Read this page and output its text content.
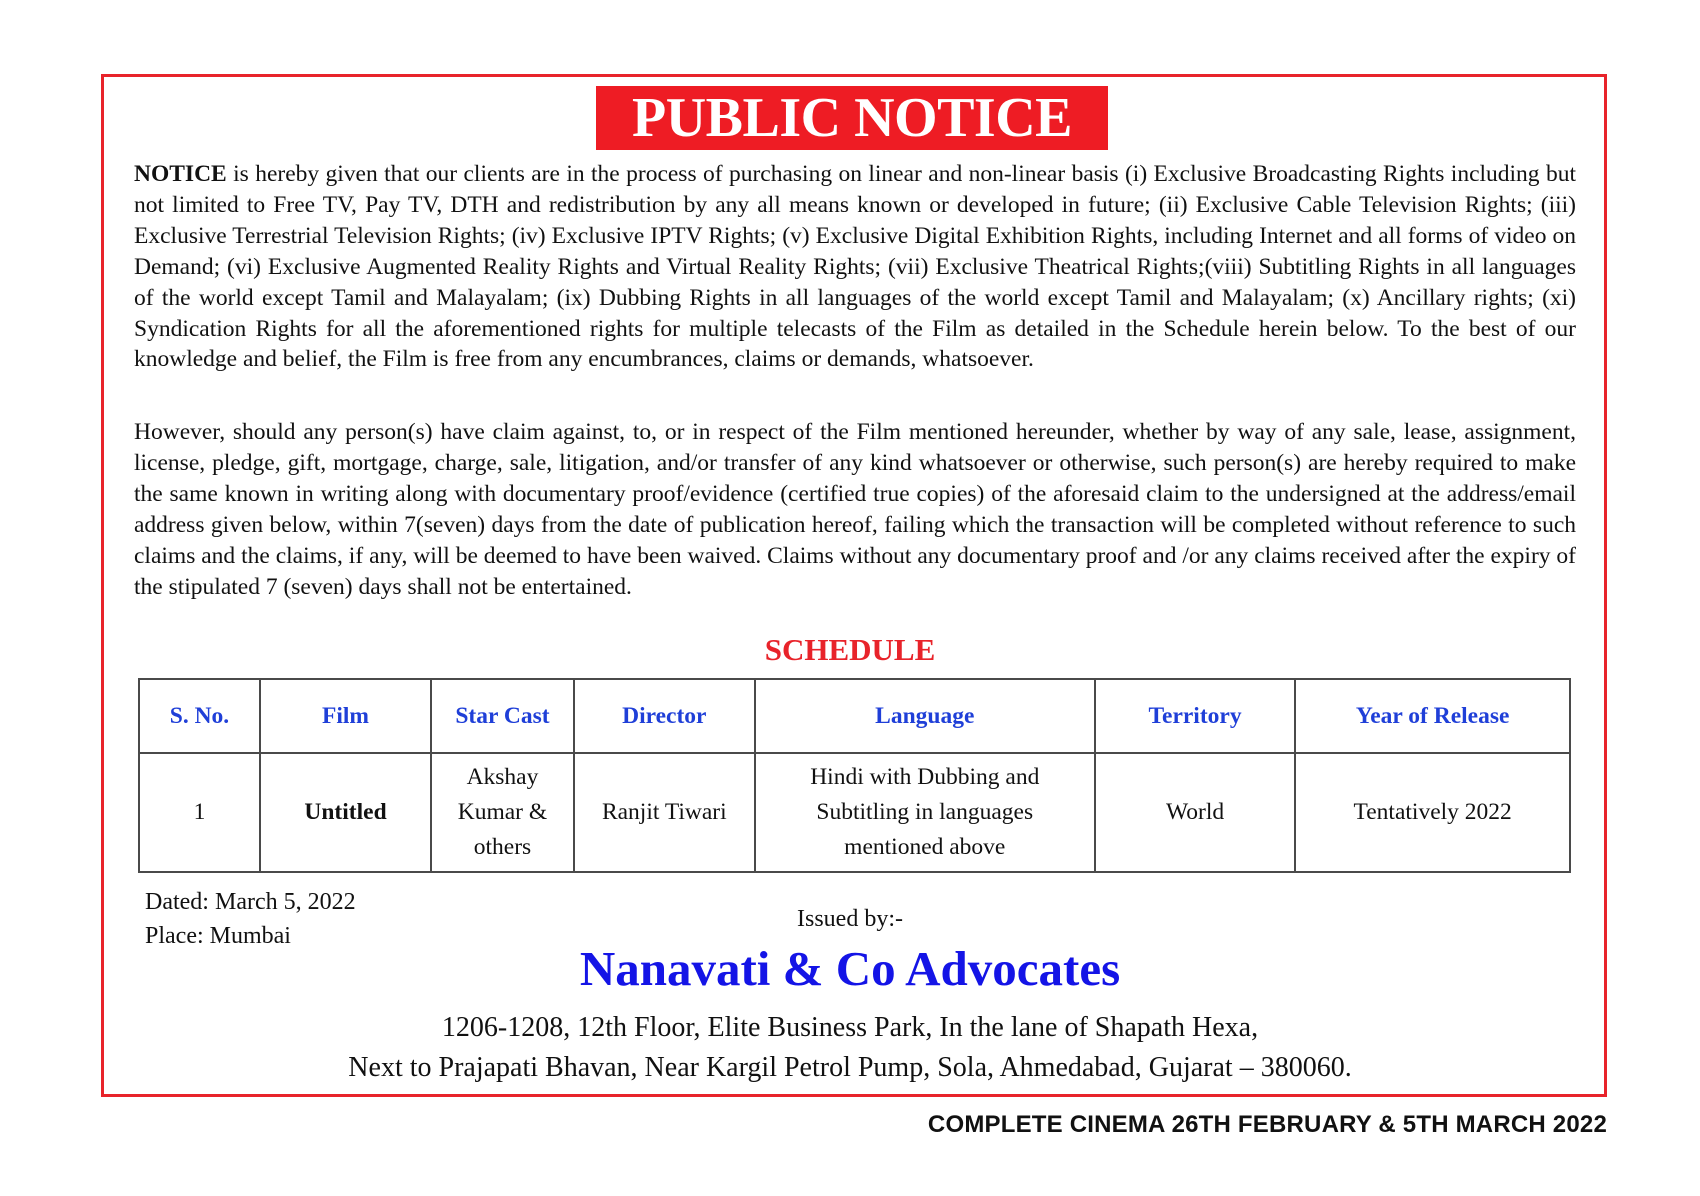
PUBLIC NOTICE

NOTICE is hereby given that our clients are in the process of purchasing on linear and non-linear basis (i) Exclusive Broadcasting Rights including but not limited to Free TV, Pay TV, DTH and redistribution by any all means known or developed in future; (ii) Exclusive Cable Television Rights; (iii) Exclusive Terrestrial Television Rights; (iv) Exclusive IPTV Rights; (v) Exclusive Digital Exhibition Rights, including Internet and all forms of video on Demand; (vi) Exclusive Augmented Reality Rights and Virtual Reality Rights; (vii) Exclusive Theatrical Rights;(viii) Subtitling Rights in all languages of the world except Tamil and Malayalam; (ix) Dubbing Rights in all languages of the world except Tamil and Malayalam; (x) Ancillary rights; (xi) Syndication Rights for all the aforementioned rights for multiple telecasts of the Film as detailed in the Schedule herein below. To the best of our knowledge and belief, the Film is free from any encumbrances, claims or demands, whatsoever.

However, should any person(s) have claim against, to, or in respect of the Film mentioned hereunder, whether by way of any sale, lease, assignment, license, pledge, gift, mortgage, charge, sale, litigation, and/or transfer of any kind whatsoever or otherwise, such person(s) are hereby required to make the same known in writing along with documentary proof/evidence (certified true copies) of the aforesaid claim to the undersigned at the address/email address given below, within 7(seven) days from the date of publication hereof, failing which the transaction will be completed without reference to such claims and the claims, if any, will be deemed to have been waived. Claims without any documentary proof and /or any claims received after the expiry of the stipulated 7 (seven) days shall not be entertained.

SCHEDULE
S. No.	Film	Star Cast	Director	Language	Territory	Year of Release
1	Untitled	Akshay
Kumar &
others	Ranjit Tiwari	Hindi with Dubbing and
Subtitling in languages
mentioned above	World	Tentatively 2022
Dated: March 5, 2022
Place: Mumbai
Issued by:-
Nanavati & Co Advocates
1206-1208, 12th Floor, Elite Business Park, In the lane of Shapath Hexa,
Next to Prajapati Bhavan, Near Kargil Petrol Pump, Sola, Ahmedabad, Gujarat – 380060.
COMPLETE CINEMA 26TH FEBRUARY & 5TH MARCH 2022
